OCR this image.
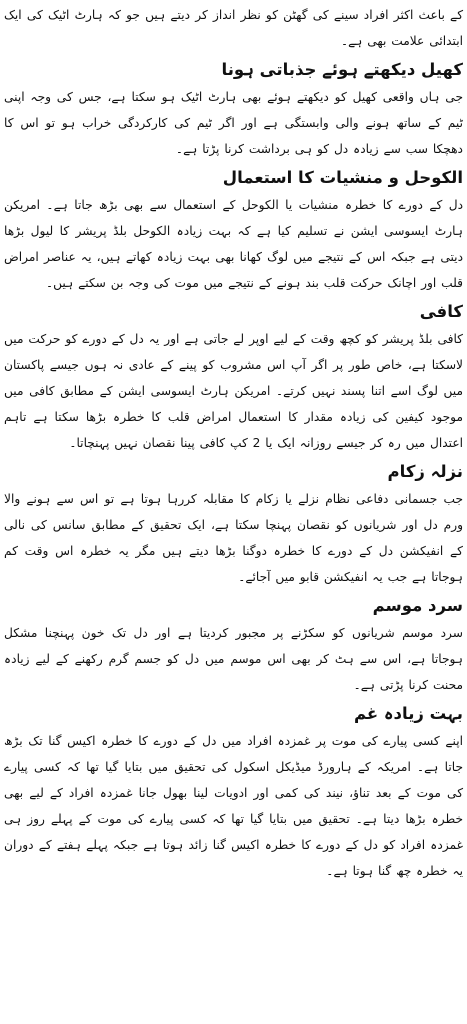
کے باعث اکثر افراد سینے کی گھٹن کو نظر انداز کر دیتے ہیں جو کہ ہارٹ اٹیک کی ایک ابتدائی علامت بھی ہے۔

کھیل دیکھتے ہوئے جذباتی ہونا

جی ہاں واقعی کھیل کو دیکھتے ہوئے بھی ہارٹ اٹیک ہو سکتا ہے، جس کی وجہ اپنی ٹیم کے ساتھ ہونے والی وابستگی ہے اور اگر ٹیم کی کارکردگی خراب ہو تو اس کا دھچکا سب سے زیادہ دل کو ہی برداشت کرنا پڑتا ہے۔

الکوحل و منشیات کا استعمال

دل کے دورے کا خطرہ منشیات یا الکوحل کے استعمال سے بھی بڑھ جاتا ہے۔ امریکن ہارٹ ایسوسی ایشن نے تسلیم کیا ہے کہ بہت زیادہ الکوحل بلڈ پریشر کا لیول بڑھا دیتی ہے جبکہ اس کے نتیجے میں لوگ کھانا بھی بہت زیادہ کھاتے ہیں، یہ عناصر امراض قلب اور اچانک حرکت قلب بند ہونے کے نتیجے میں موت کی وجہ بن سکتے ہیں۔

کافی

کافی بلڈ پریشر کو کچھ وقت کے لیے اوپر لے جاتی ہے اور یہ دل کے دورے کو حرکت میں لاسکتا ہے، خاص طور پر اگر آپ اس مشروب کو پینے کے عادی نہ ہوں جیسے پاکستان میں لوگ اسے اتنا پسند نہیں کرتے۔ امریکن ہارٹ ایسوسی ایشن کے مطابق کافی میں موجود کیفین کی زیادہ مقدار کا استعمال امراض قلب کا خطرہ بڑھا سکتا ہے تاہم اعتدال میں رہ کر جیسے روزانہ ایک یا 2 کپ کافی پینا نقصان نہیں پہنچاتا۔

نزلہ زکام

جب جسمانی دفاعی نظام نزلے یا زکام کا مقابلہ کررہا ہوتا ہے تو اس سے ہونے والا ورم دل اور شریانوں کو نقصان پہنچا سکتا ہے، ایک تحقیق کے مطابق سانس کی نالی کے انفیکشن دل کے دورے کا خطرہ دوگنا بڑھا دیتے ہیں مگر یہ خطرہ اس وقت کم ہوجاتا ہے جب یہ انفیکشن قابو میں آجائے۔

سرد موسم

سرد موسم شریانوں کو سکڑنے پر مجبور کردیتا ہے اور دل تک خون پہنچنا مشکل ہوجاتا ہے، اس سے ہٹ کر بھی اس موسم میں دل کو جسم گرم رکھنے کے لیے زیادہ محنت کرنا پڑتی ہے۔

بہت زیادہ غم

اپنے کسی پیارے کی موت پر غمزدہ افراد میں دل کے دورے کا خطرہ اکیس گنا تک بڑھ جاتا ہے۔ امریکہ کے ہارورڈ میڈیکل اسکول کی تحقیق میں بتایا گیا تھا کہ کسی پیارے کی موت کے بعد تناؤ، نیند کی کمی اور ادویات لینا بھول جانا غمزدہ افراد کے لیے بھی خطرہ بڑھا دیتا ہے۔ تحقیق میں بتایا گیا تھا کہ کسی پیارے کی موت کے پہلے روز ہی غمزدہ افراد کو دل کے دورے کا خطرہ اکیس گنا زائد ہوتا ہے جبکہ پہلے ہفتے کے دوران یہ خطرہ چھ گنا ہوتا ہے۔
